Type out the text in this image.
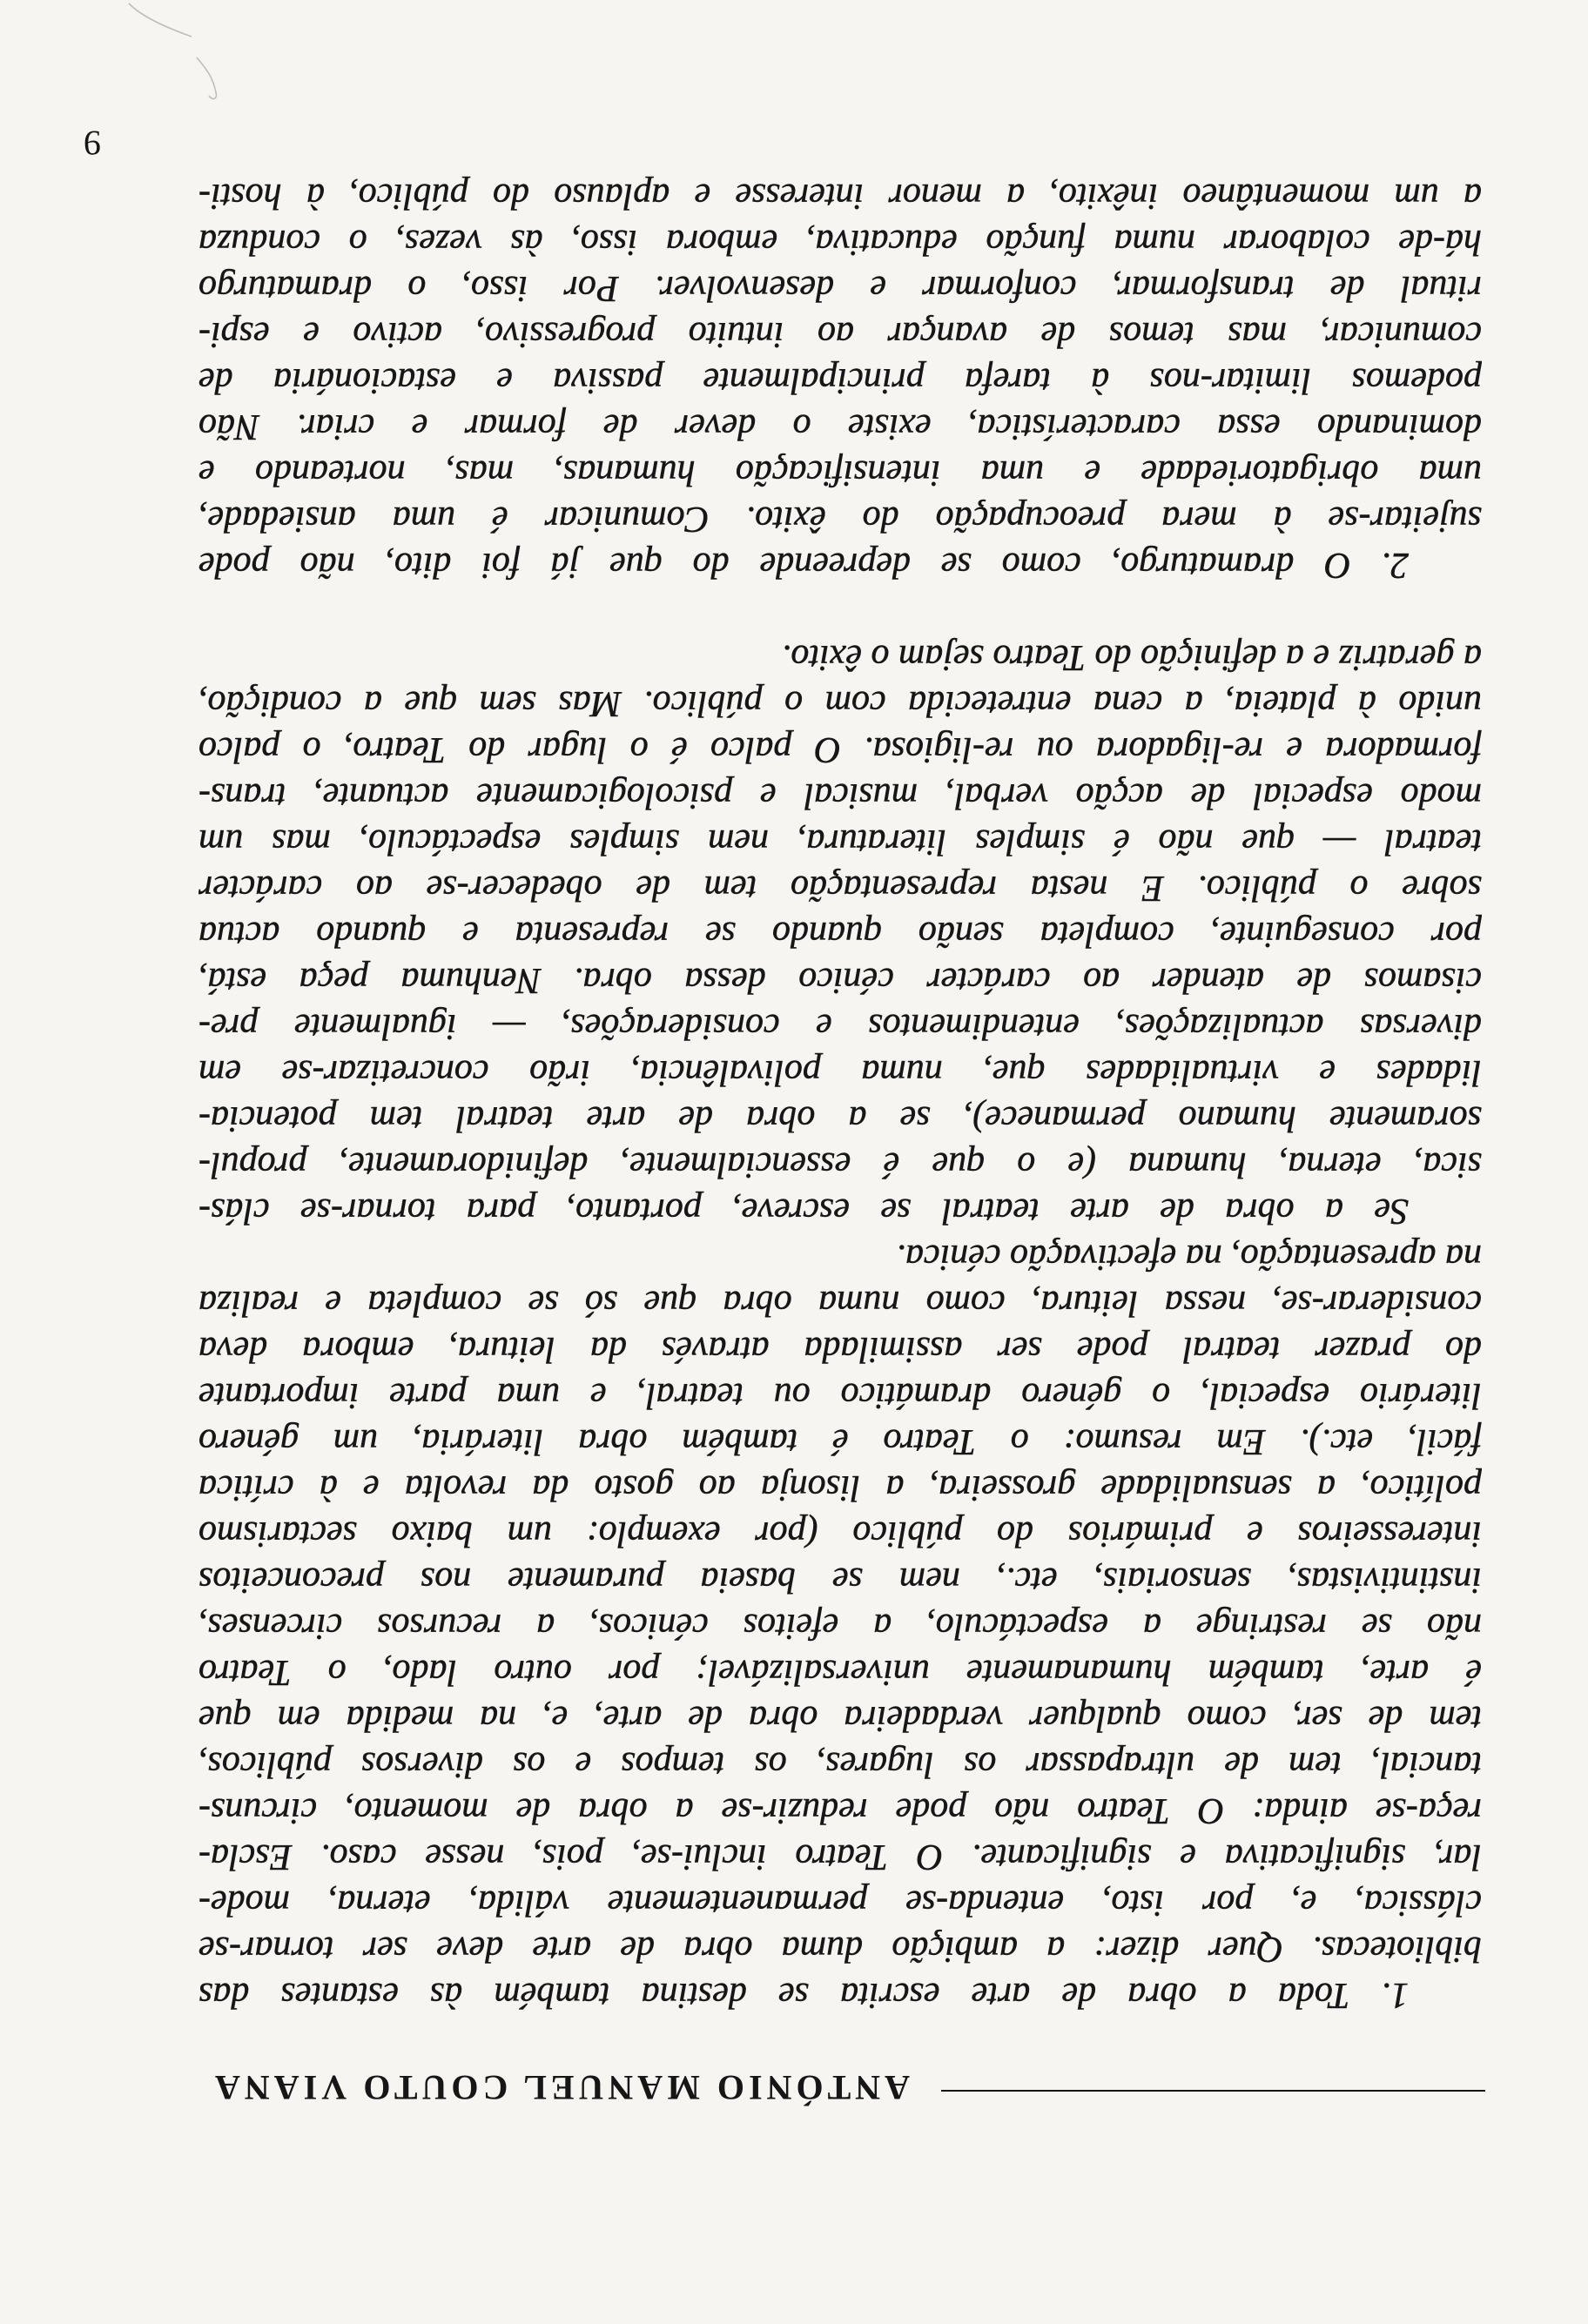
ANTÓNIO MANUEL COUTO VIANA
1. Toda a obra de arte escrita se destina também às estantes das
bibliotecas. Quer dizer: a ambição duma obra de arte deve ser tornar-se
clássica, e, por isto, entenda-se permanentemente válida, eterna, mode-
lar, significativa e significante. O Teatro inclui-se, pois, nesse caso. Escla-
reça-se ainda: O Teatro não pode reduzir-se a obra de momento, circuns-
tancial, tem de ultrapassar os lugares, os tempos e os diversos públicos,
tem de ser, como qualquer verdadeira obra de arte, e, na medida em que
é arte, também humanamente universalizável; por outro lado, o Teatro
não se restringe a espectáculo, a efeitos cénicos, a recursos circenses,
instintivistas, sensoriais, etc., nem se baseia puramente nos preconceitos
interesseiros e primários do público (por exemplo: um baixo sectarismo
político, a sensualidade grosseira, a lisonja ao gosto da revolta e à crítica
fácil, etc.). Em resumo: o Teatro é também obra literária, um género
literário especial, o género dramático ou teatral, e uma parte importante
do prazer teatral pode ser assimilada através da leitura, embora deva
considerar-se, nessa leitura, como numa obra que só se completa e realiza
na apresentação, na efectivação cénica.
Se a obra de arte teatral se escreve, portanto, para tornar-se clás-
sica, eterna, humana (e o que é essencialmente, definidoramente, propul-
soramente humano permanece), se a obra de arte teatral tem potencia-
lidades e virtualidades que, numa polivalência, irão concretizar-se em
diversas actualizações, entendimentos e considerações, — igualmente pre-
cisamos de atender ao carácter cénico dessa obra. Nenhuma peça está,
por conseguinte, completa senão quando se representa e quando actua
sobre o público. E nesta representação tem de obedecer-se ao carácter
teatral — que não é simples literatura, nem simples espectáculo, mas um
modo especial de acção verbal, musical e psicologicamente actuante, trans-
formadora e re-ligadora ou re-ligiosa. O palco é o lugar do Teatro, o palco
unido à plateia, a cena entretecida com o público. Mas sem que a condição,
a geratriz e a definição do Teatro sejam o êxito.
2. O dramaturgo, como se depreende do que já foi dito, não pode
sujeitar-se à mera preocupação do êxito. Comunicar é uma ansiedade,
uma obrigatoriedade e uma intensificação humanas, mas, norteando e
dominando essa característica, existe o dever de formar e criar. Não
podemos limitar-nos à tarefa principalmente passiva e estacionária de
comunicar, mas temos de avançar ao intuito progressivo, activo e espi-
ritual de transformar, conformar e desenvolver. Por isso, o dramaturgo
há-de colaborar numa função educativa, embora isso, às vezes, o conduza
a um momentâneo inêxito, a menor interesse e aplauso do público, à hosti-
9
